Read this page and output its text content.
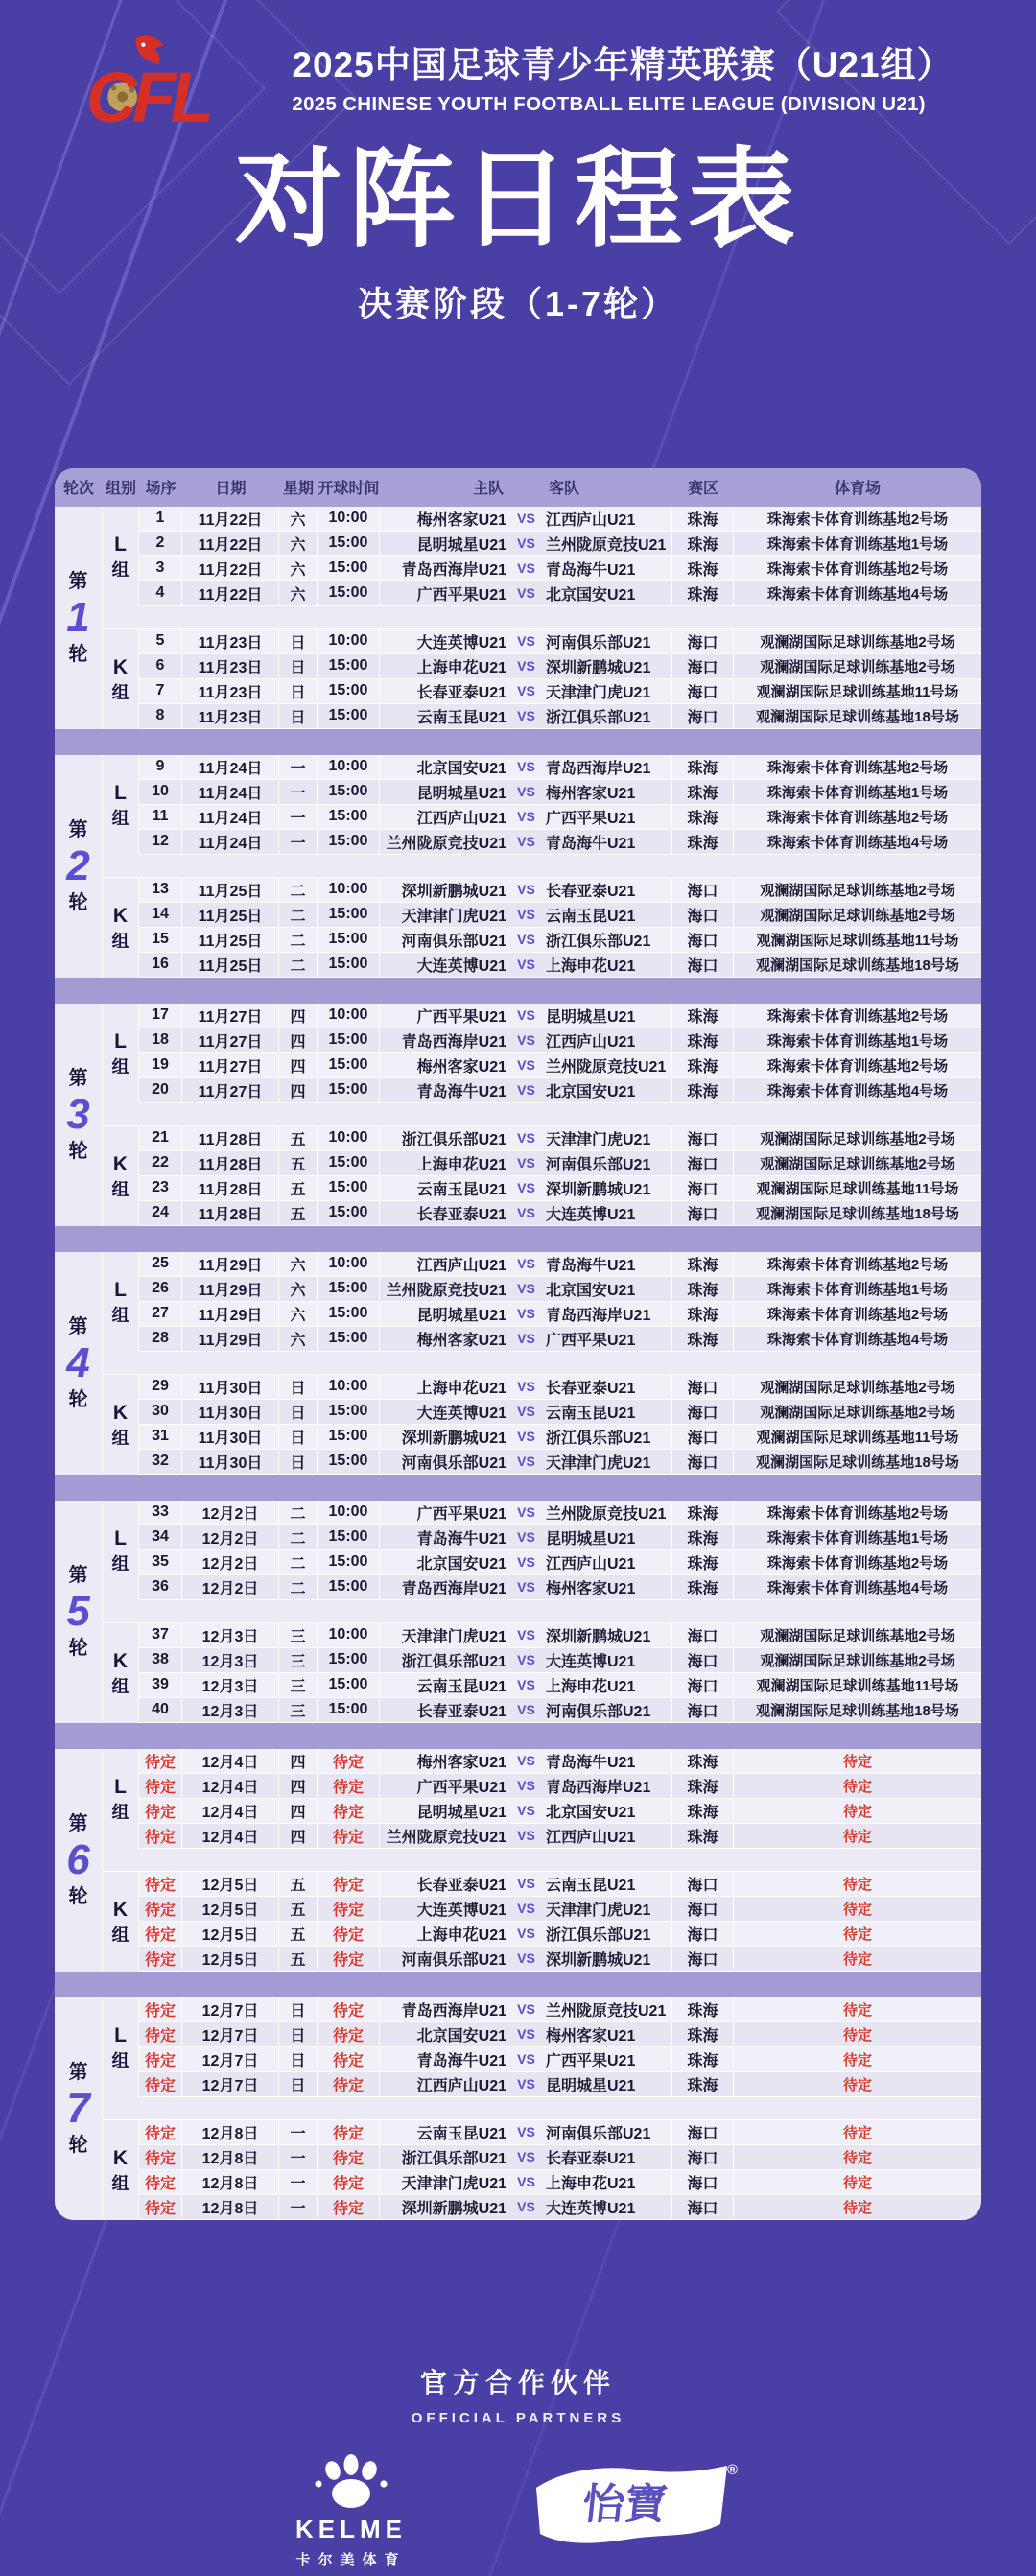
CFL 2025中国足球青少年精英联赛（U21组）
2025 CHINESE YOUTH FOOTBALL ELITE LEAGUE (DIVISION U21)
对阵日程表
决赛阶段（1-7轮）
轮次 组别 场序	日期	星期 开球时间	主队	客队	赛区	体育场
第
1
轮
L
组
1	11月22日	六	10:00	梅州客家U21 VS 江西庐山U21	珠海	珠海索卡体育训练基地2号场
2	11月22日	六	15:00	昆明城星U21 VS 兰州陇原竞技U21	珠海	珠海索卡体育训练基地1号场
3	11月22日	六	15:00	青岛西海岸U21 VS 青岛海牛U21	珠海	珠海索卡体育训练基地2号场
4	11月22日	六	15:00	广西平果U21 VS 北京国安U21	珠海	珠海索卡体育训练基地4号场
K
组
5	11月23日	日	10:00	大连英博U21 VS 河南俱乐部U21	海口	观澜湖国际足球训练基地2号场
6	11月23日	日	15:00	上海申花U21 VS 深圳新鹏城U21	海口	观澜湖国际足球训练基地2号场
7	11月23日	日	15:00	长春亚泰U21 VS 天津津门虎U21	海口	观澜湖国际足球训练基地11号场
8	11月23日	日	15:00	云南玉昆U21 VS 浙江俱乐部U21	海口	观澜湖国际足球训练基地18号场
第
2
轮
L
组
9	11月24日	一	10:00	北京国安U21 VS 青岛西海岸U21	珠海	珠海索卡体育训练基地2号场
10	11月24日	一	15:00	昆明城星U21 VS 梅州客家U21	珠海	珠海索卡体育训练基地1号场
11	11月24日	一	15:00	江西庐山U21 VS 广西平果U21	珠海	珠海索卡体育训练基地2号场
12	11月24日	一	15:00	兰州陇原竞技U21 VS 青岛海牛U21	珠海	珠海索卡体育训练基地4号场
K
组
13	11月25日	二	10:00	深圳新鹏城U21 VS 长春亚泰U21	海口	观澜湖国际足球训练基地2号场
14	11月25日	二	15:00	天津津门虎U21 VS 云南玉昆U21	海口	观澜湖国际足球训练基地2号场
15	11月25日	二	15:00	河南俱乐部U21 VS 浙江俱乐部U21	海口	观澜湖国际足球训练基地11号场
16	11月25日	二	15:00	大连英博U21 VS 上海申花U21	海口	观澜湖国际足球训练基地18号场
第
3
轮
L
组
17	11月27日	四	10:00	广西平果U21 VS 昆明城星U21	珠海	珠海索卡体育训练基地2号场
18	11月27日	四	15:00	青岛西海岸U21 VS 江西庐山U21	珠海	珠海索卡体育训练基地1号场
19	11月27日	四	15:00	梅州客家U21 VS 兰州陇原竞技U21	珠海	珠海索卡体育训练基地2号场
20	11月27日	四	15:00	青岛海牛U21 VS 北京国安U21	珠海	珠海索卡体育训练基地4号场
K
组
21	11月28日	五	10:00	浙江俱乐部U21 VS 天津津门虎U21	海口	观澜湖国际足球训练基地2号场
22	11月28日	五	15:00	上海申花U21 VS 河南俱乐部U21	海口	观澜湖国际足球训练基地2号场
23	11月28日	五	15:00	云南玉昆U21 VS 深圳新鹏城U21	海口	观澜湖国际足球训练基地11号场
24	11月28日	五	15:00	长春亚泰U21 VS 大连英博U21	海口	观澜湖国际足球训练基地18号场
第
4
轮
L
组
25	11月29日	六	10:00	江西庐山U21 VS 青岛海牛U21	珠海	珠海索卡体育训练基地2号场
26	11月29日	六	15:00	兰州陇原竞技U21 VS 北京国安U21	珠海	珠海索卡体育训练基地1号场
27	11月29日	六	15:00	昆明城星U21 VS 青岛西海岸U21	珠海	珠海索卡体育训练基地2号场
28	11月29日	六	15:00	梅州客家U21 VS 广西平果U21	珠海	珠海索卡体育训练基地4号场
K
组
29	11月30日	日	10:00	上海申花U21 VS 长春亚泰U21	海口	观澜湖国际足球训练基地2号场
30	11月30日	日	15:00	大连英博U21 VS 云南玉昆U21	海口	观澜湖国际足球训练基地2号场
31	11月30日	日	15:00	深圳新鹏城U21 VS 浙江俱乐部U21	海口	观澜湖国际足球训练基地11号场
32	11月30日	日	15:00	河南俱乐部U21 VS 天津津门虎U21	海口	观澜湖国际足球训练基地18号场
第
5
轮
L
组
33	12月2日	二	10:00	广西平果U21 VS 兰州陇原竞技U21	珠海	珠海索卡体育训练基地2号场
34	12月2日	二	15:00	青岛海牛U21 VS 昆明城星U21	珠海	珠海索卡体育训练基地1号场
35	12月2日	二	15:00	北京国安U21 VS 江西庐山U21	珠海	珠海索卡体育训练基地2号场
36	12月2日	二	15:00	青岛西海岸U21 VS 梅州客家U21	珠海	珠海索卡体育训练基地4号场
K
组
37	12月3日	三	10:00	天津津门虎U21 VS 深圳新鹏城U21	海口	观澜湖国际足球训练基地2号场
38	12月3日	三	15:00	浙江俱乐部U21 VS 大连英博U21	海口	观澜湖国际足球训练基地2号场
39	12月3日	三	15:00	云南玉昆U21 VS 上海申花U21	海口	观澜湖国际足球训练基地11号场
40	12月3日	三	15:00	长春亚泰U21 VS 河南俱乐部U21	海口	观澜湖国际足球训练基地18号场
第
6
轮
L
组
待定	12月4日	四	待定	梅州客家U21 VS 青岛海牛U21	珠海	待定
待定	12月4日	四	待定	广西平果U21 VS 青岛西海岸U21	珠海	待定
待定	12月4日	四	待定	昆明城星U21 VS 北京国安U21	珠海	待定
待定	12月4日	四	待定	兰州陇原竞技U21 VS 江西庐山U21	珠海	待定
K
组
待定	12月5日	五	待定	长春亚泰U21 VS 云南玉昆U21	海口	待定
待定	12月5日	五	待定	大连英博U21 VS 天津津门虎U21	海口	待定
待定	12月5日	五	待定	上海申花U21 VS 浙江俱乐部U21	海口	待定
待定	12月5日	五	待定	河南俱乐部U21 VS 深圳新鹏城U21	海口	待定
第
7
轮
L
组
待定	12月7日	日	待定	青岛西海岸U21 VS 兰州陇原竞技U21	珠海	待定
待定	12月7日	日	待定	北京国安U21 VS 梅州客家U21	珠海	待定
待定	12月7日	日	待定	青岛海牛U21 VS 广西平果U21	珠海	待定
待定	12月7日	日	待定	江西庐山U21 VS 昆明城星U21	珠海	待定
K
组
待定	12月8日	一	待定	云南玉昆U21 VS 河南俱乐部U21	海口	待定
待定	12月8日	一	待定	浙江俱乐部U21 VS 长春亚泰U21	海口	待定
待定	12月8日	一	待定	天津津门虎U21 VS 上海申花U21	海口	待定
待定	12月8日	一	待定	深圳新鹏城U21 VS 大连英博U21	海口	待定
官方合作伙伴
OFFICIAL PARTNERS
KELME
卡尔美体育
怡寶
®
